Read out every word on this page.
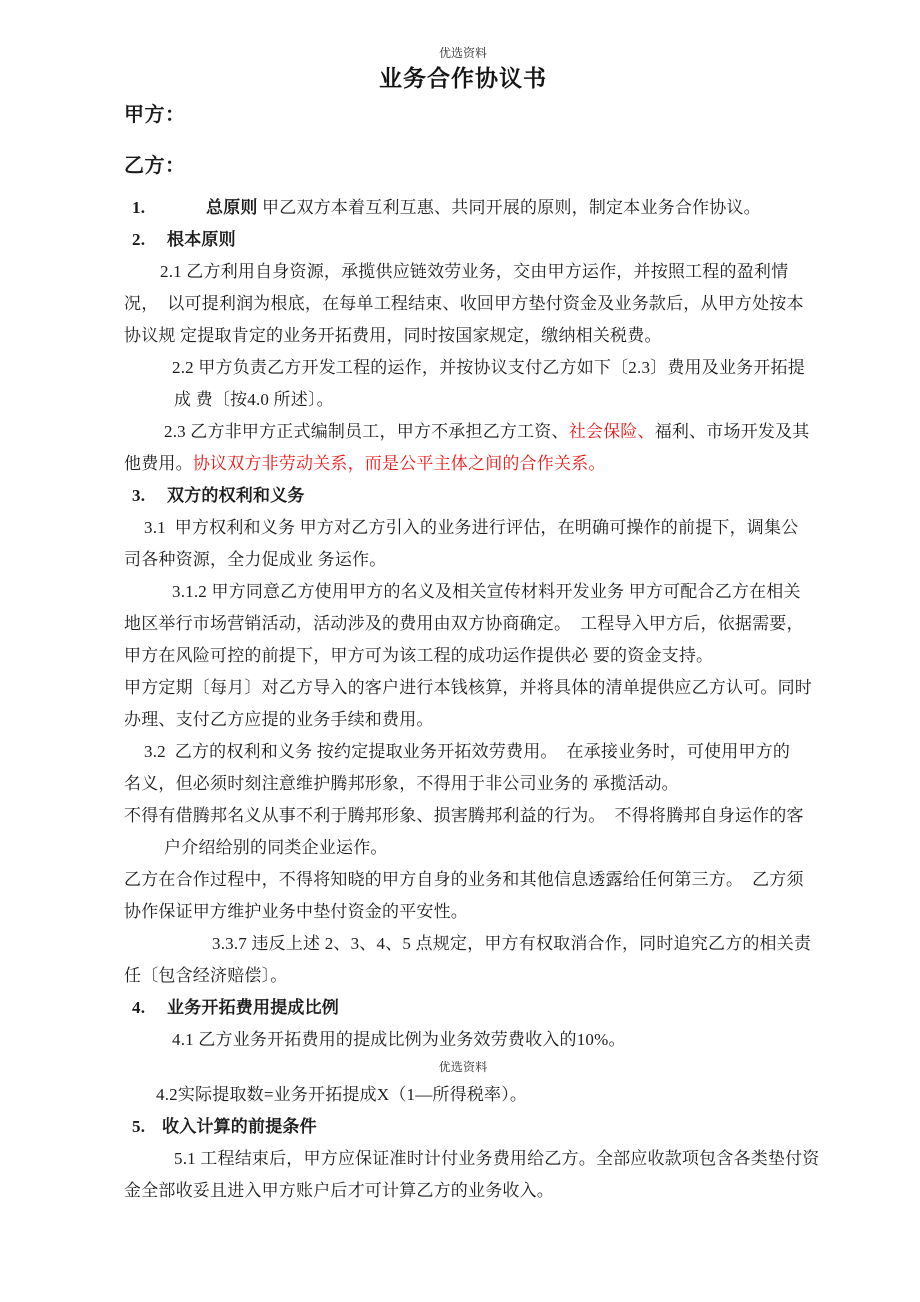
优选资料
业务合作协议书
甲方：
乙方：
1.	总原则 甲乙双方本着互利互惠、共同开展的原则，制定本业务合作协议。
2. 根本原则
2.1 乙方利用自身资源，承揽供应链效劳业务，交由甲方运作，并按照工程的盈利情
况，  以可提利润为根底，在每单工程结束、收回甲方垫付资金及业务款后，从甲方处按本
协议规 定提取肯定的业务开拓费用，同时按国家规定，缴纳相关税费。
2.2 甲方负责乙方开发工程的运作，并按协议支付乙方如下〔2.3〕费用及业务开拓提
成 费〔按4.0 所述〕。
2.3 乙方非甲方正式编制员工，甲方不承担乙方工资、社会保险、福利、市场开发及其
他费用。协议双方非劳动关系，而是公平主体之间的合作关系。
3. 双方的权利和义务
3.1  甲方权利和义务 甲方对乙方引入的业务进行评估，在明确可操作的前提下，调集公
司各种资源，全力促成业 务运作。
3.1.2 甲方同意乙方使用甲方的名义及相关宣传材料开发业务 甲方可配合乙方在相关
地区举行市场营销活动，活动涉及的费用由双方协商确定。  工程导入甲方后，依据需要，
甲方在风险可控的前提下，甲方可为该工程的成功运作提供必 要的资金支持。
甲方定期〔每月〕对乙方导入的客户进行本钱核算，并将具体的清单提供应乙方认可。同时
办理、支付乙方应提的业务手续和费用。
3.2  乙方的权利和义务 按约定提取业务开拓效劳费用。  在承接业务时，可使用甲方的
名义，但必须时刻注意维护腾邦形象，不得用于非公司业务的 承揽活动。
不得有借腾邦名义从事不利于腾邦形象、损害腾邦利益的行为。  不得将腾邦自身运作的客
户介绍给别的同类企业运作。
乙方在合作过程中，不得将知晓的甲方自身的业务和其他信息透露给任何第三方。  乙方须
协作保证甲方维护业务中垫付资金的平安性。
3.3.7 违反上述 2、3、4、5 点规定，甲方有权取消合作，同时追究乙方的相关责
任〔包含经济赔偿〕。
4. 业务开拓费用提成比例
4.1 乙方业务开拓费用的提成比例为业务效劳费收入的10%。
优选资料
4.2实际提取数=业务开拓提成X（1—所得税率）。
5. 收入计算的前提条件
5.1 工程结束后，甲方应保证准时计付业务费用给乙方。全部应收款项包含各类垫付资
金全部收妥且进入甲方账户后才可计算乙方的业务收入。
